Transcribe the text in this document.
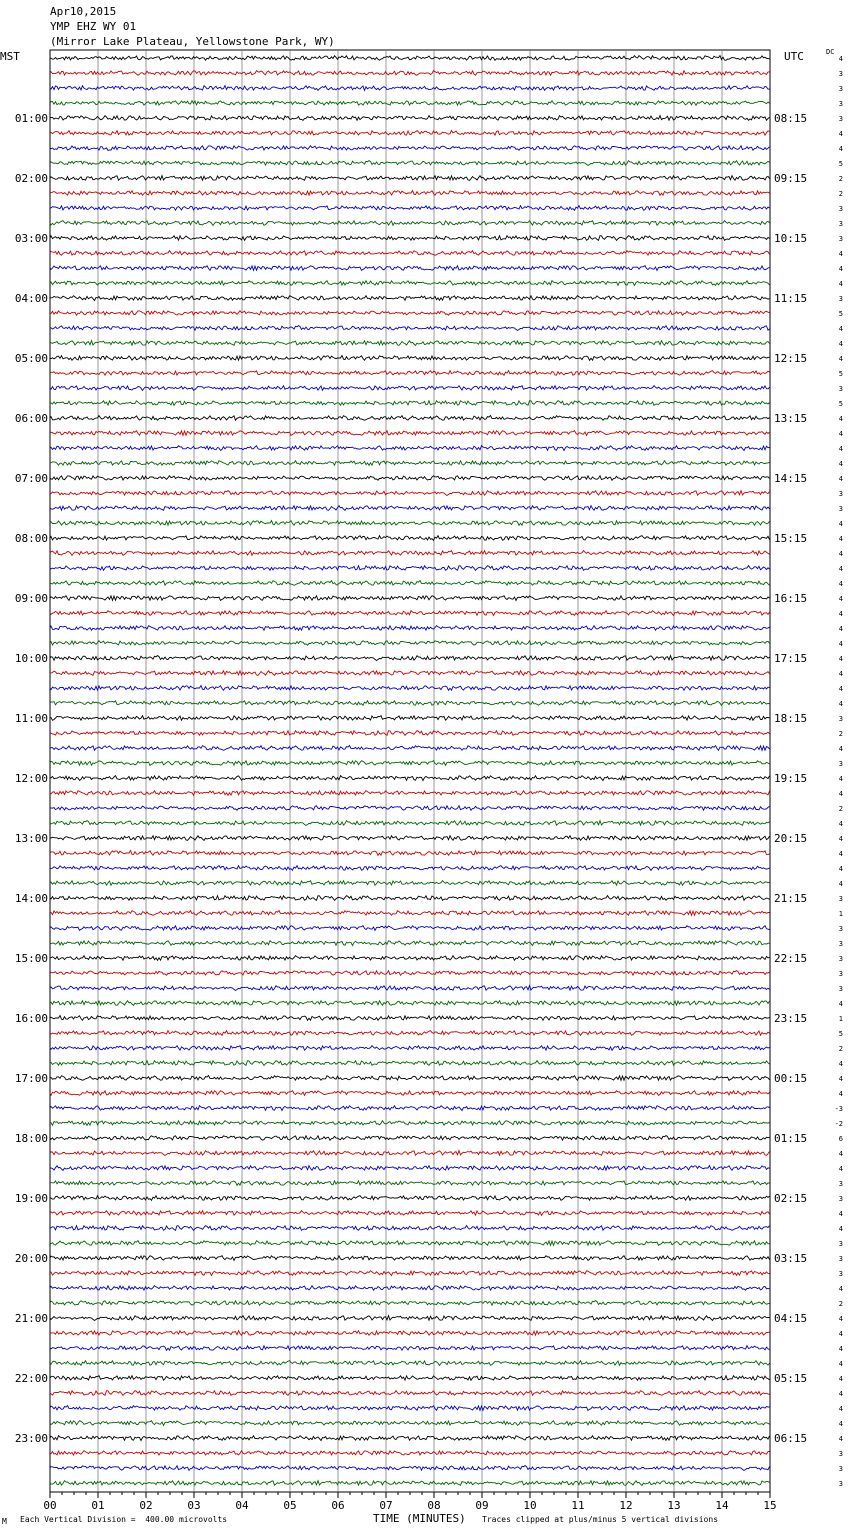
Apr10,2015
YMP EHZ WY 01
(Mirror Lake Plateau, Yellowstone Park, WY)
MST	UTC	DC
4
3
3
3
3
4
4
5
2
2
3
3
3
4
4
4
3
5
4
4
4
5
3
5
4
4
4
4
4
3
3
4
4
4
4
4
4
4
4
4
4
4
4
4
3
2
4
3
4
4
2
4
4
4
4
4
3
1
3
3
3
3
3
4
1
5
2
4
4
4
-3
-2
6
4
4
3
3
4
4
3
3
3
4
2
4
4
4
4
4
4
4
4
4
3
3
3
01:00	08:15
02:00	09:15
03:00	10:15
04:00	11:15
05:00	12:15
06:00	13:15
07:00	14:15
08:00	15:15
09:00	16:15
10:00	17:15
11:00	18:15
12:00	19:15
13:00	20:15
14:00	21:15
15:00	22:15
16:00	23:15
17:00	00:15
18:00	01:15
19:00	02:15
20:00	03:15
21:00	04:15
22:00	05:15
23:00	06:15
00	01	02	03	04	05	06	07	08	09	10	11	12	13	14	15
M Each Vertical Division =  400.00 microvolts	TIME (MINUTES) Traces clipped at plus/minus 5 vertical divisions
